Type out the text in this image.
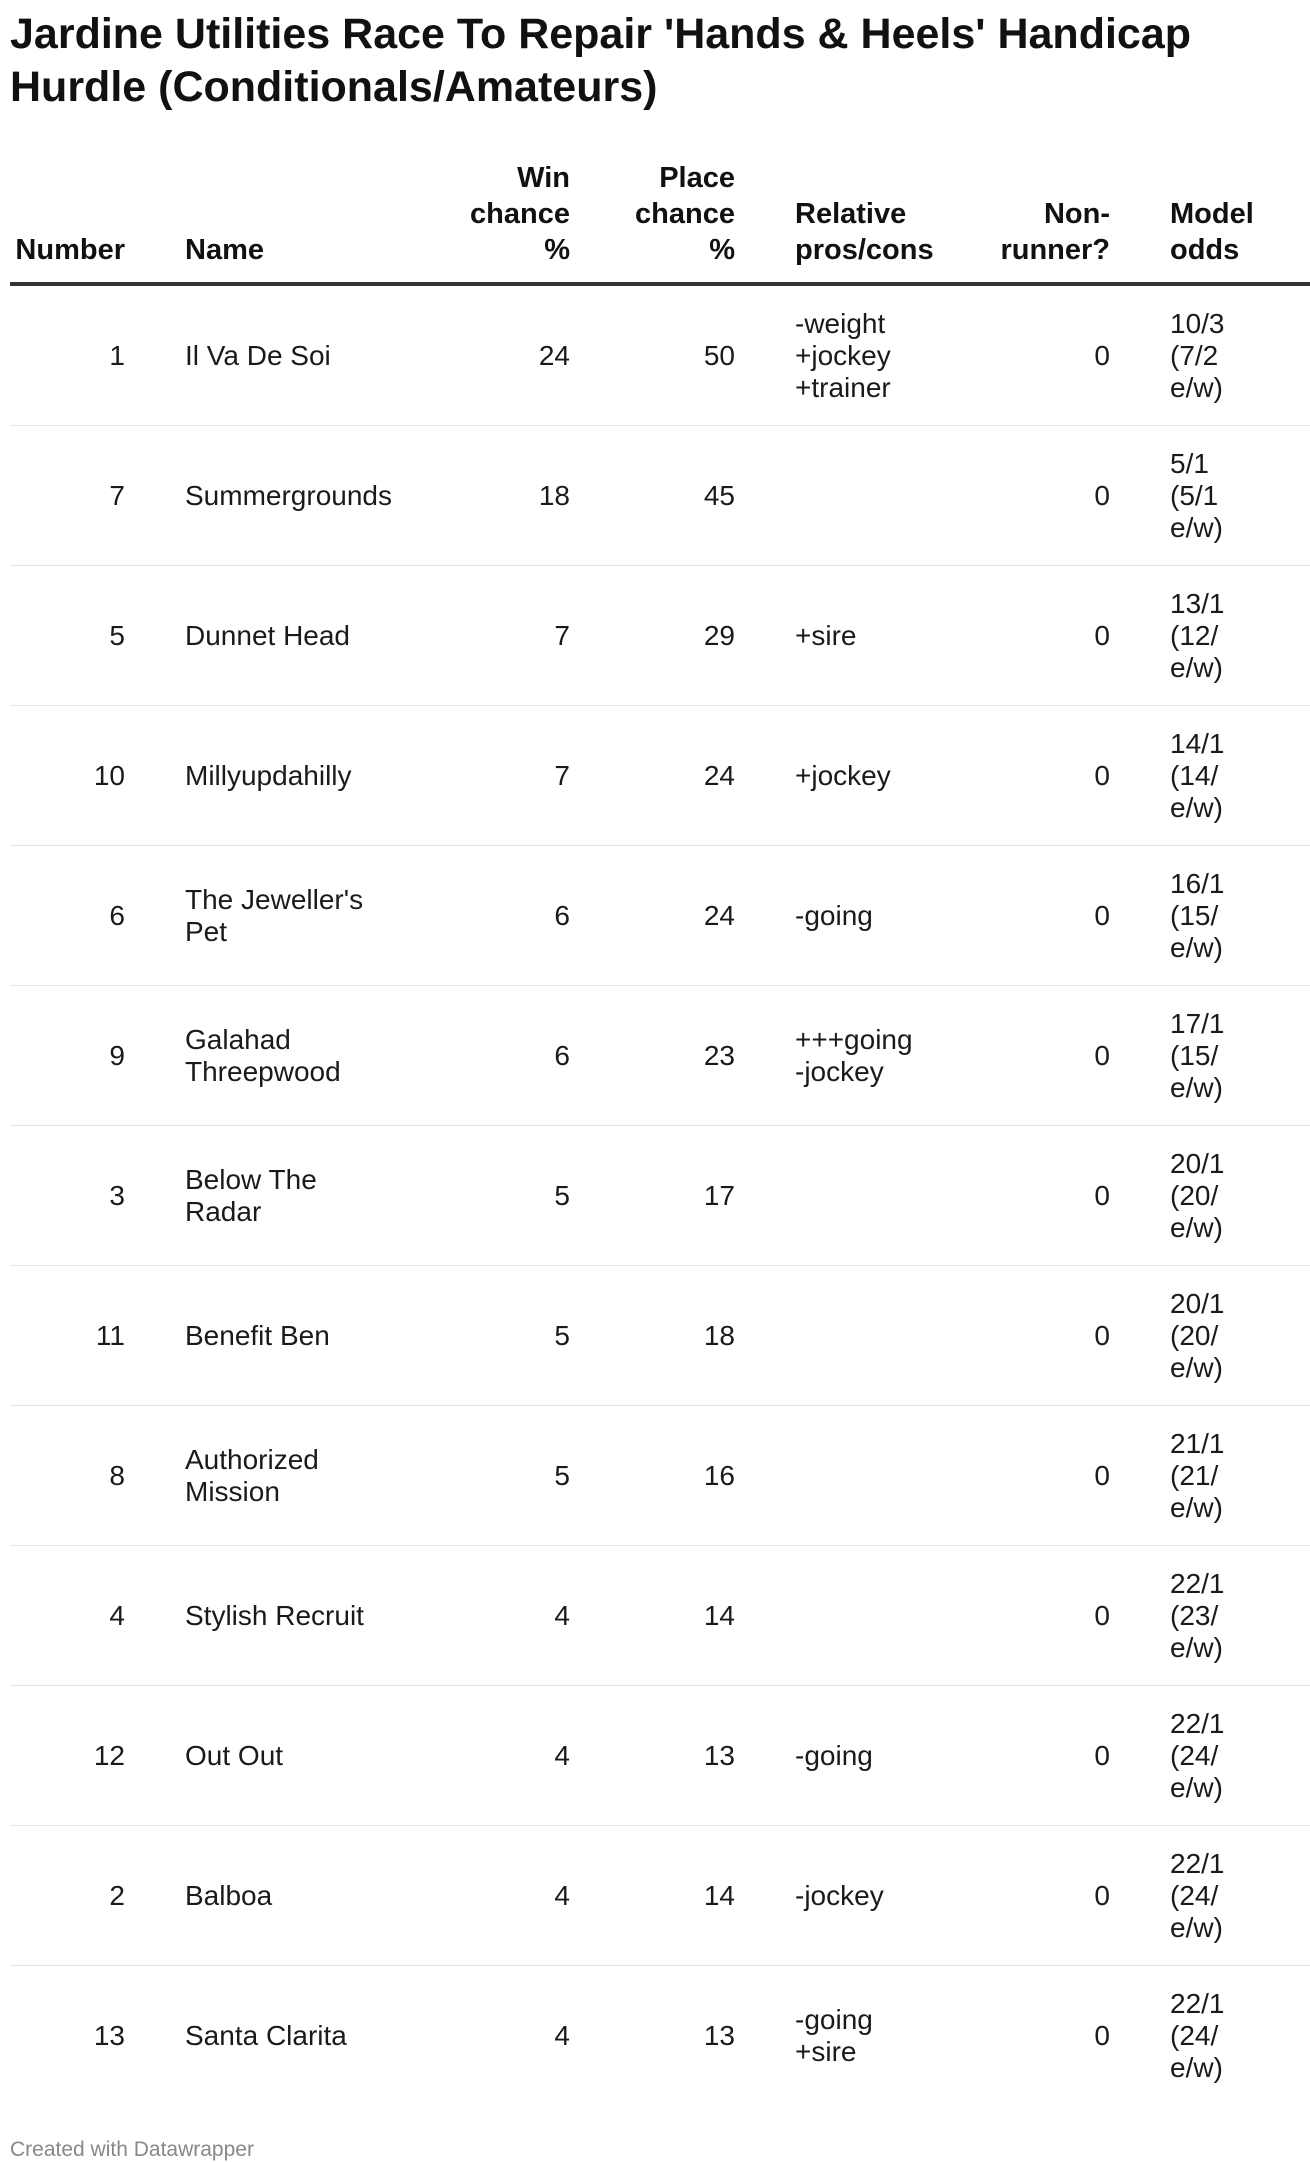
Jardine Utilities Race To Repair 'Hands & Heels' Handicap Hurdle (Conditionals/Amateurs)
Number	Name	Win chance %	Place chance %	Relative pros/cons	Non-runner?	Model odds

1	Il Va De Soi	24	50	-weight
+jockey
+trainer	0	10/3
(7/2
e/w)

7	Summergrounds	18	45		0	5/1
(5/1
e/w)

5	Dunnet Head	7	29	+sire	0	13/1
(12/
e/w)

10	Millyupdahilly	7	24	+jockey	0	14/1
(14/
e/w)

6	The Jeweller's Pet	6	24	-going	0	16/1
(15/
e/w)

9	Galahad Threepwood	6	23	+++going
-jockey	0	17/1
(15/
e/w)

3	Below The Radar	5	17		0	20/1
(20/
e/w)

11	Benefit Ben	5	18		0	20/1
(20/
e/w)

8	Authorized Mission	5	16		0	21/1
(21/
e/w)

4	Stylish Recruit	4	14		0	22/1
(23/
e/w)

12	Out Out	4	13	-going	0	22/1
(24/
e/w)

2	Balboa	4	14	-jockey	0	22/1
(24/
e/w)

13	Santa Clarita	4	13	-going
+sire	0	22/1
(24/
e/w)
Created with Datawrapper
